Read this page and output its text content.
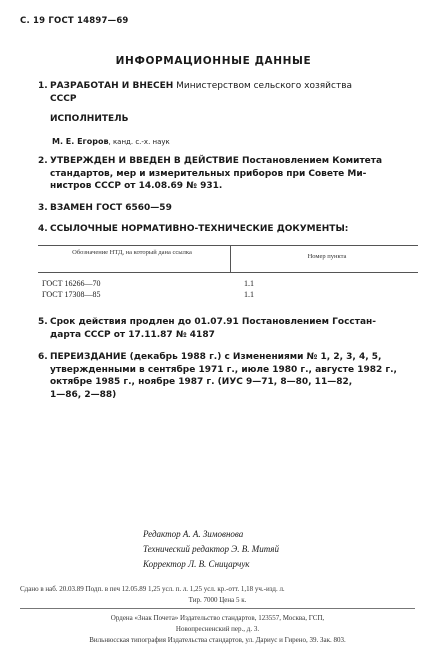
С. 19 ГОСТ 14897—69
ИНФОРМАЦИОННЫЕ ДАННЫЕ
1. РАЗРАБОТАН И ВНЕСЕН Министерством сельского хозяйства
СССР
ИСПОЛНИТЕЛЬ
М. Е. Егоров, канд. с.-х. наук
2. УТВЕРЖДЕН И ВВЕДЕН В ДЕЙСТВИЕ Постановлением Комитета
стандартов, мер и измерительных приборов при Совете Ми-
нистров СССР от 14.08.69 № 931.
3. ВЗАМЕН ГОСТ 6560—59
4. ССЫЛОЧНЫЕ НОРМАТИВНО-ТЕХНИЧЕСКИЕ ДОКУМЕНТЫ:
Обозначение НТД, на который дана ссылка
Номер пункта
ГОСТ 16266—70	1.1
ГОСТ 17308—85	1.1
5. Срок действия продлен до 01.07.91 Постановлением Госстан-
дарта СССР от 17.11.87 № 4187
6. ПЕРЕИЗДАНИЕ (декабрь 1988 г.) с Изменениями № 1, 2, 3, 4, 5,
утвержденными в сентябре 1971 г., июле 1980 г., августе 1982 г.,
октябре 1985 г., ноябре 1987 г. (ИУС 9—71, 8—80, 11—82,
1—86, 2—88)
Редактор А. А. Зимовнова
Технический редактор Э. В. Митяй
Корректор Л. В. Сницарчук
Сдано в наб. 20.03.89 Подп. в печ 12.05.89 1,25 усл. п. л. 1,25 усл. кр.-отт. 1,18 уч.-изд. л.
Тир. 7000 Цена 5 к.
Ордена «Знак Почета» Издательство стандартов, 123557, Москва, ГСП,
Новопресненский пер., д. 3.
Вильнюсская типография Издательства стандартов, ул. Дариус и Гирено, 39. Зак. 803.
